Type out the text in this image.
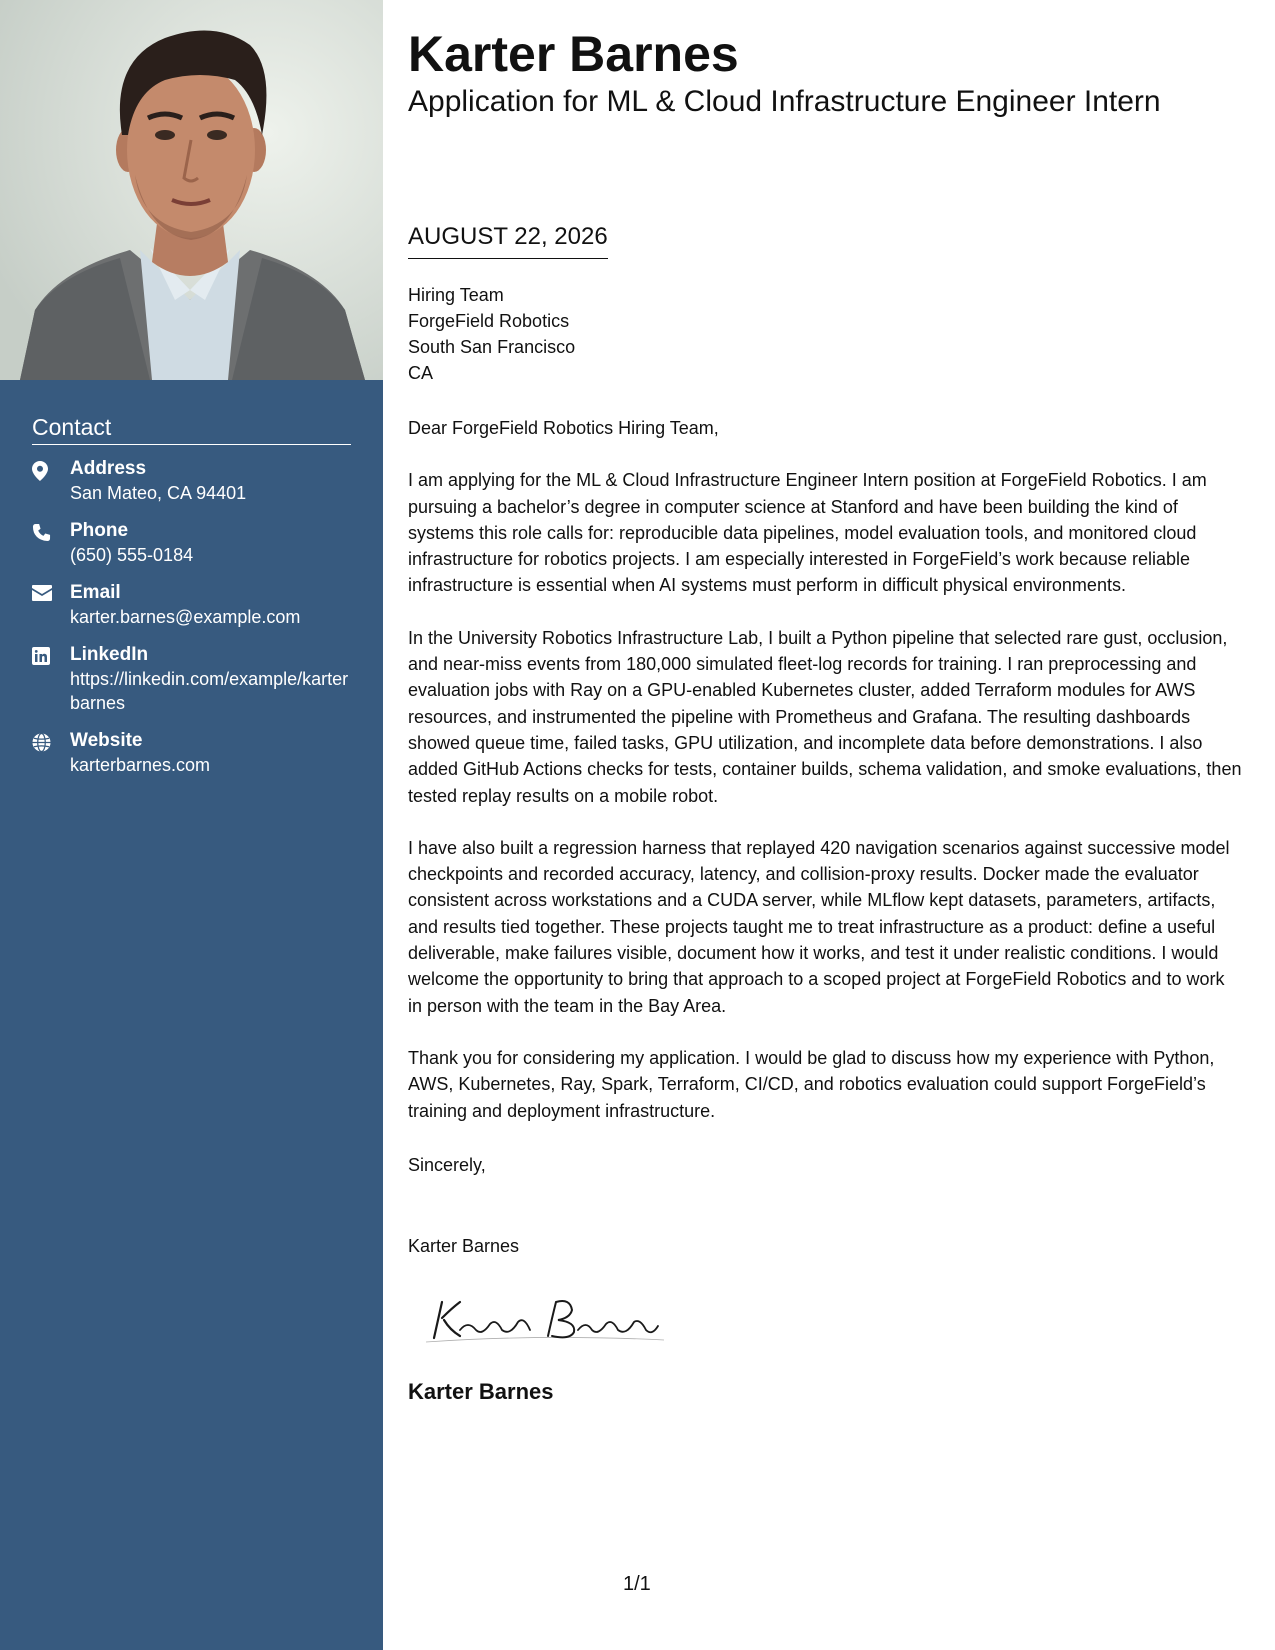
Contact
Address
San Mateo, CA 94401
Phone
(650) 555-0184
Email
karter.barnes@example.com
LinkedIn
https://linkedin.com/example/karterbarnes
Website
karterbarnes.com
Karter Barnes
Application for ML & Cloud Infrastructure Engineer Intern
AUGUST 22, 2026
Hiring Team
ForgeField Robotics
South San Francisco
CA

Dear ForgeField Robotics Hiring Team,

I am applying for the ML & Cloud Infrastructure Engineer Intern position at ForgeField Robotics. I am pursuing a bachelor’s degree in computer science at Stanford and have been building the kind of systems this role calls for: reproducible data pipelines, model evaluation tools, and monitored cloud infrastructure for robotics projects. I am especially interested in ForgeField’s work because reliable infrastructure is essential when AI systems must perform in difficult physical environments.

In the University Robotics Infrastructure Lab, I built a Python pipeline that selected rare gust, occlusion, and near-miss events from 180,000 simulated fleet-log records for training. I ran preprocessing and evaluation jobs with Ray on a GPU-enabled Kubernetes cluster, added Terraform modules for AWS resources, and instrumented the pipeline with Prometheus and Grafana. The resulting dashboards showed queue time, failed tasks, GPU utilization, and incomplete data before demonstrations. I also added GitHub Actions checks for tests, container builds, schema validation, and smoke evaluations, then tested replay results on a mobile robot.

I have also built a regression harness that replayed 420 navigation scenarios against successive model checkpoints and recorded accuracy, latency, and collision-proxy results. Docker made the evaluator consistent across workstations and a CUDA server, while MLflow kept datasets, parameters, artifacts, and results tied together. These projects taught me to treat infrastructure as a product: define a useful deliverable, make failures visible, document how it works, and test it under realistic conditions. I would welcome the opportunity to bring that approach to a scoped project at ForgeField Robotics and to work in person with the team in the Bay Area.

Thank you for considering my application. I would be glad to discuss how my experience with Python, AWS, Kubernetes, Ray, Spark, Terraform, CI/CD, and robotics evaluation could support ForgeField’s training and deployment infrastructure.

Sincerely,
Karter Barnes
Karter Barnes
1/1
